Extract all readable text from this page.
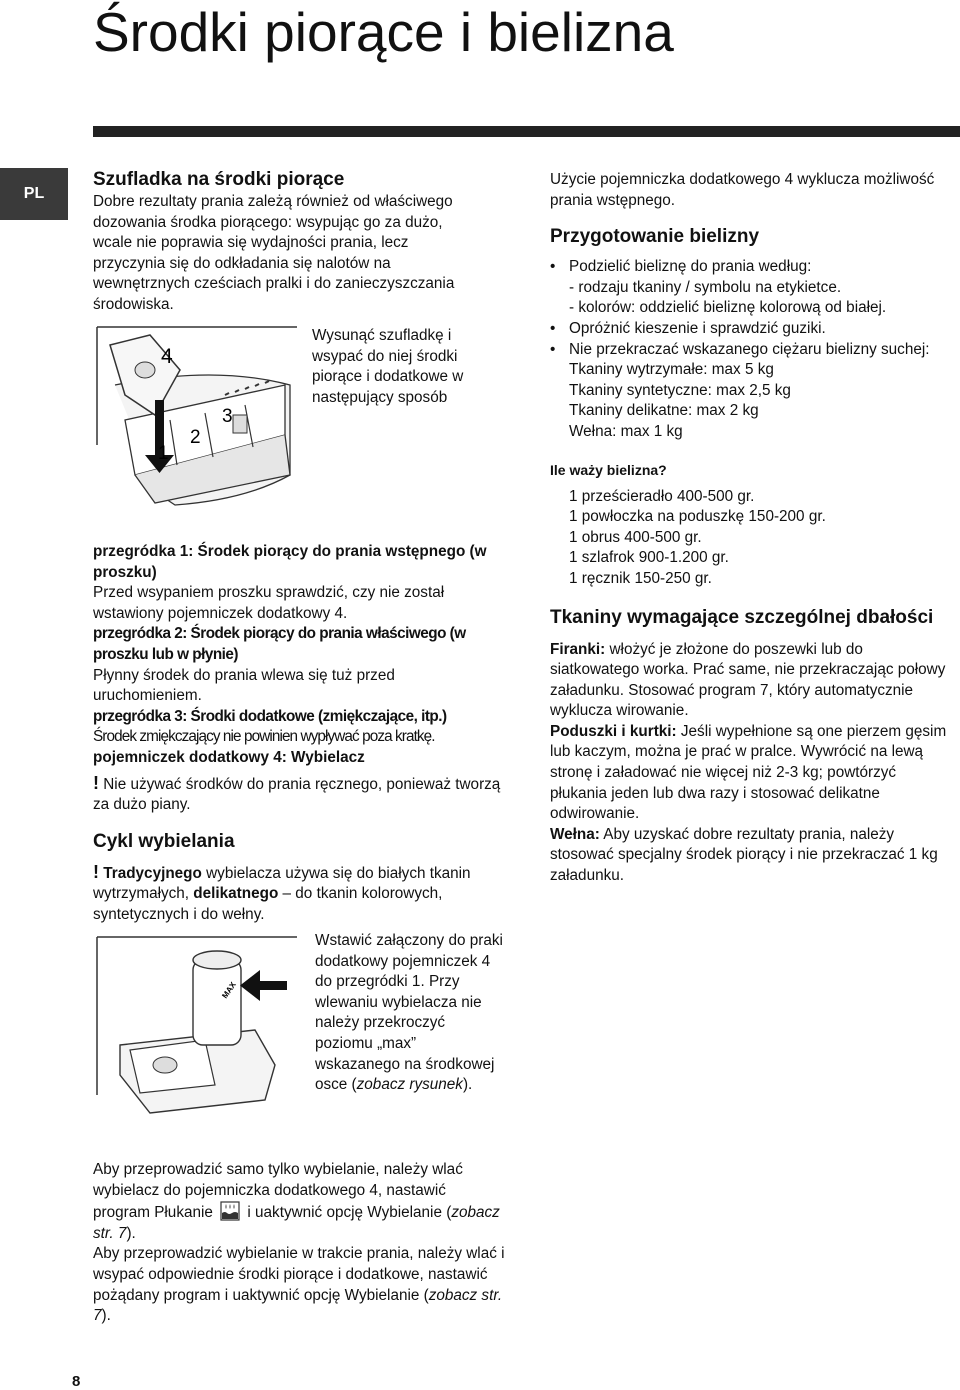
Środki piorące i bielizna
PL

Szufladka na środki piorące

Dobre rezultaty prania zależą również od właściwego dozowania środka piorącego: wsypując go za dużo, wcale nie poprawia się wydajności prania, lecz przyczynia się do odkładania się nalotów na wewnętrznych cześciach pralki i do zanieczyszczania środowiska.

4
3
2
1

Wysunąć szufladkę i wsypać do niej środki piorące i dodatkowe w następujący sposób

przegródka 1: Środek piorący do prania wstępnego (w proszku)

Przed wsypaniem proszku sprawdzić, czy nie został wstawiony pojemniczek dodatkowy 4.

przegródka 2: Środek piorący do prania właściwego (w proszku lub w płynie)

Płynny środek do prania wlewa się tuż przed uruchomieniem.

przegródka 3: Środki dodatkowe (zmiękczające, itp.)

Środek zmiękczający nie powinien wypływać poza kratkę.

pojemniczek dodatkowy 4: Wybielacz

! Nie używać środków do prania ręcznego, ponieważ tworzą za dużo piany.

Cykl wybielania

! Tradycyjnego wybielacza używa się do białych tkanin wytrzymałych, delikatnego – do tkanin kolorowych, syntetycznych i do wełny.

MAX

Wstawić załączony do praki dodatkowy pojemniczek 4 do przegródki 1. Przy wlewaniu wybielacza nie należy przekroczyć poziomu „max” wskazanego na środkowej osce (zobacz rysunek).

Aby przeprowadzić samo tylko wybielanie, należy wlać wybielacz do pojemniczka dodatkowego 4, nastawić program Płukanie i uaktywnić opcję Wybielanie (zobacz str. 7).

Aby przeprowadzić wybielanie w trakcie prania, należy wlać i wsypać odpowiednie środki piorące i dodatkowe, nastawić pożądany program i uaktywnić opcję Wybielanie (zobacz str. 7).

Użycie pojemniczka dodatkowego 4 wyklucza możliwość prania wstępnego.

Przygotowanie bielizny

• Podzielić bieliznę do prania według:
- rodzaju tkaniny / symbolu na etykietce.
- kolorów: oddzielić bieliznę kolorową od białej.
• Opróżnić kieszenie i sprawdzić guziki.
• Nie przekraczać wskazanego ciężaru bielizny suchej:
Tkaniny wytrzymałe: max 5 kg
Tkaniny syntetyczne: max 2,5 kg
Tkaniny delikatne: max 2 kg
Wełna: max 1 kg

Ile waży bielizna?

1 prześcieradło 400-500 gr.

1 powłoczka na poduszkę 150-200 gr.

1 obrus 400-500 gr.

1 szlafrok 900-1.200 gr.

1 ręcznik 150-250 gr.

Tkaniny wymagające szczególnej dbałości

Firanki: włożyć je złożone do poszewki lub do siatkowatego worka. Prać same, nie przekraczając połowy załadunku. Stosować program 7, który automatycznie wyklucza wirowanie.

Poduszki i kurtki: Jeśli wypełnione są one pierzem gęsim lub kaczym, można je prać w pralce. Wywrócić na lewą stronę i załadować nie więcej niż 2-3 kg; powtórzyć płukania jeden lub dwa razy i stosować delikatne odwirowanie.

Wełna: Aby uzyskać dobre rezultaty prania, należy stosować specjalny środek piorący i nie przekraczać 1 kg załadunku.

8
